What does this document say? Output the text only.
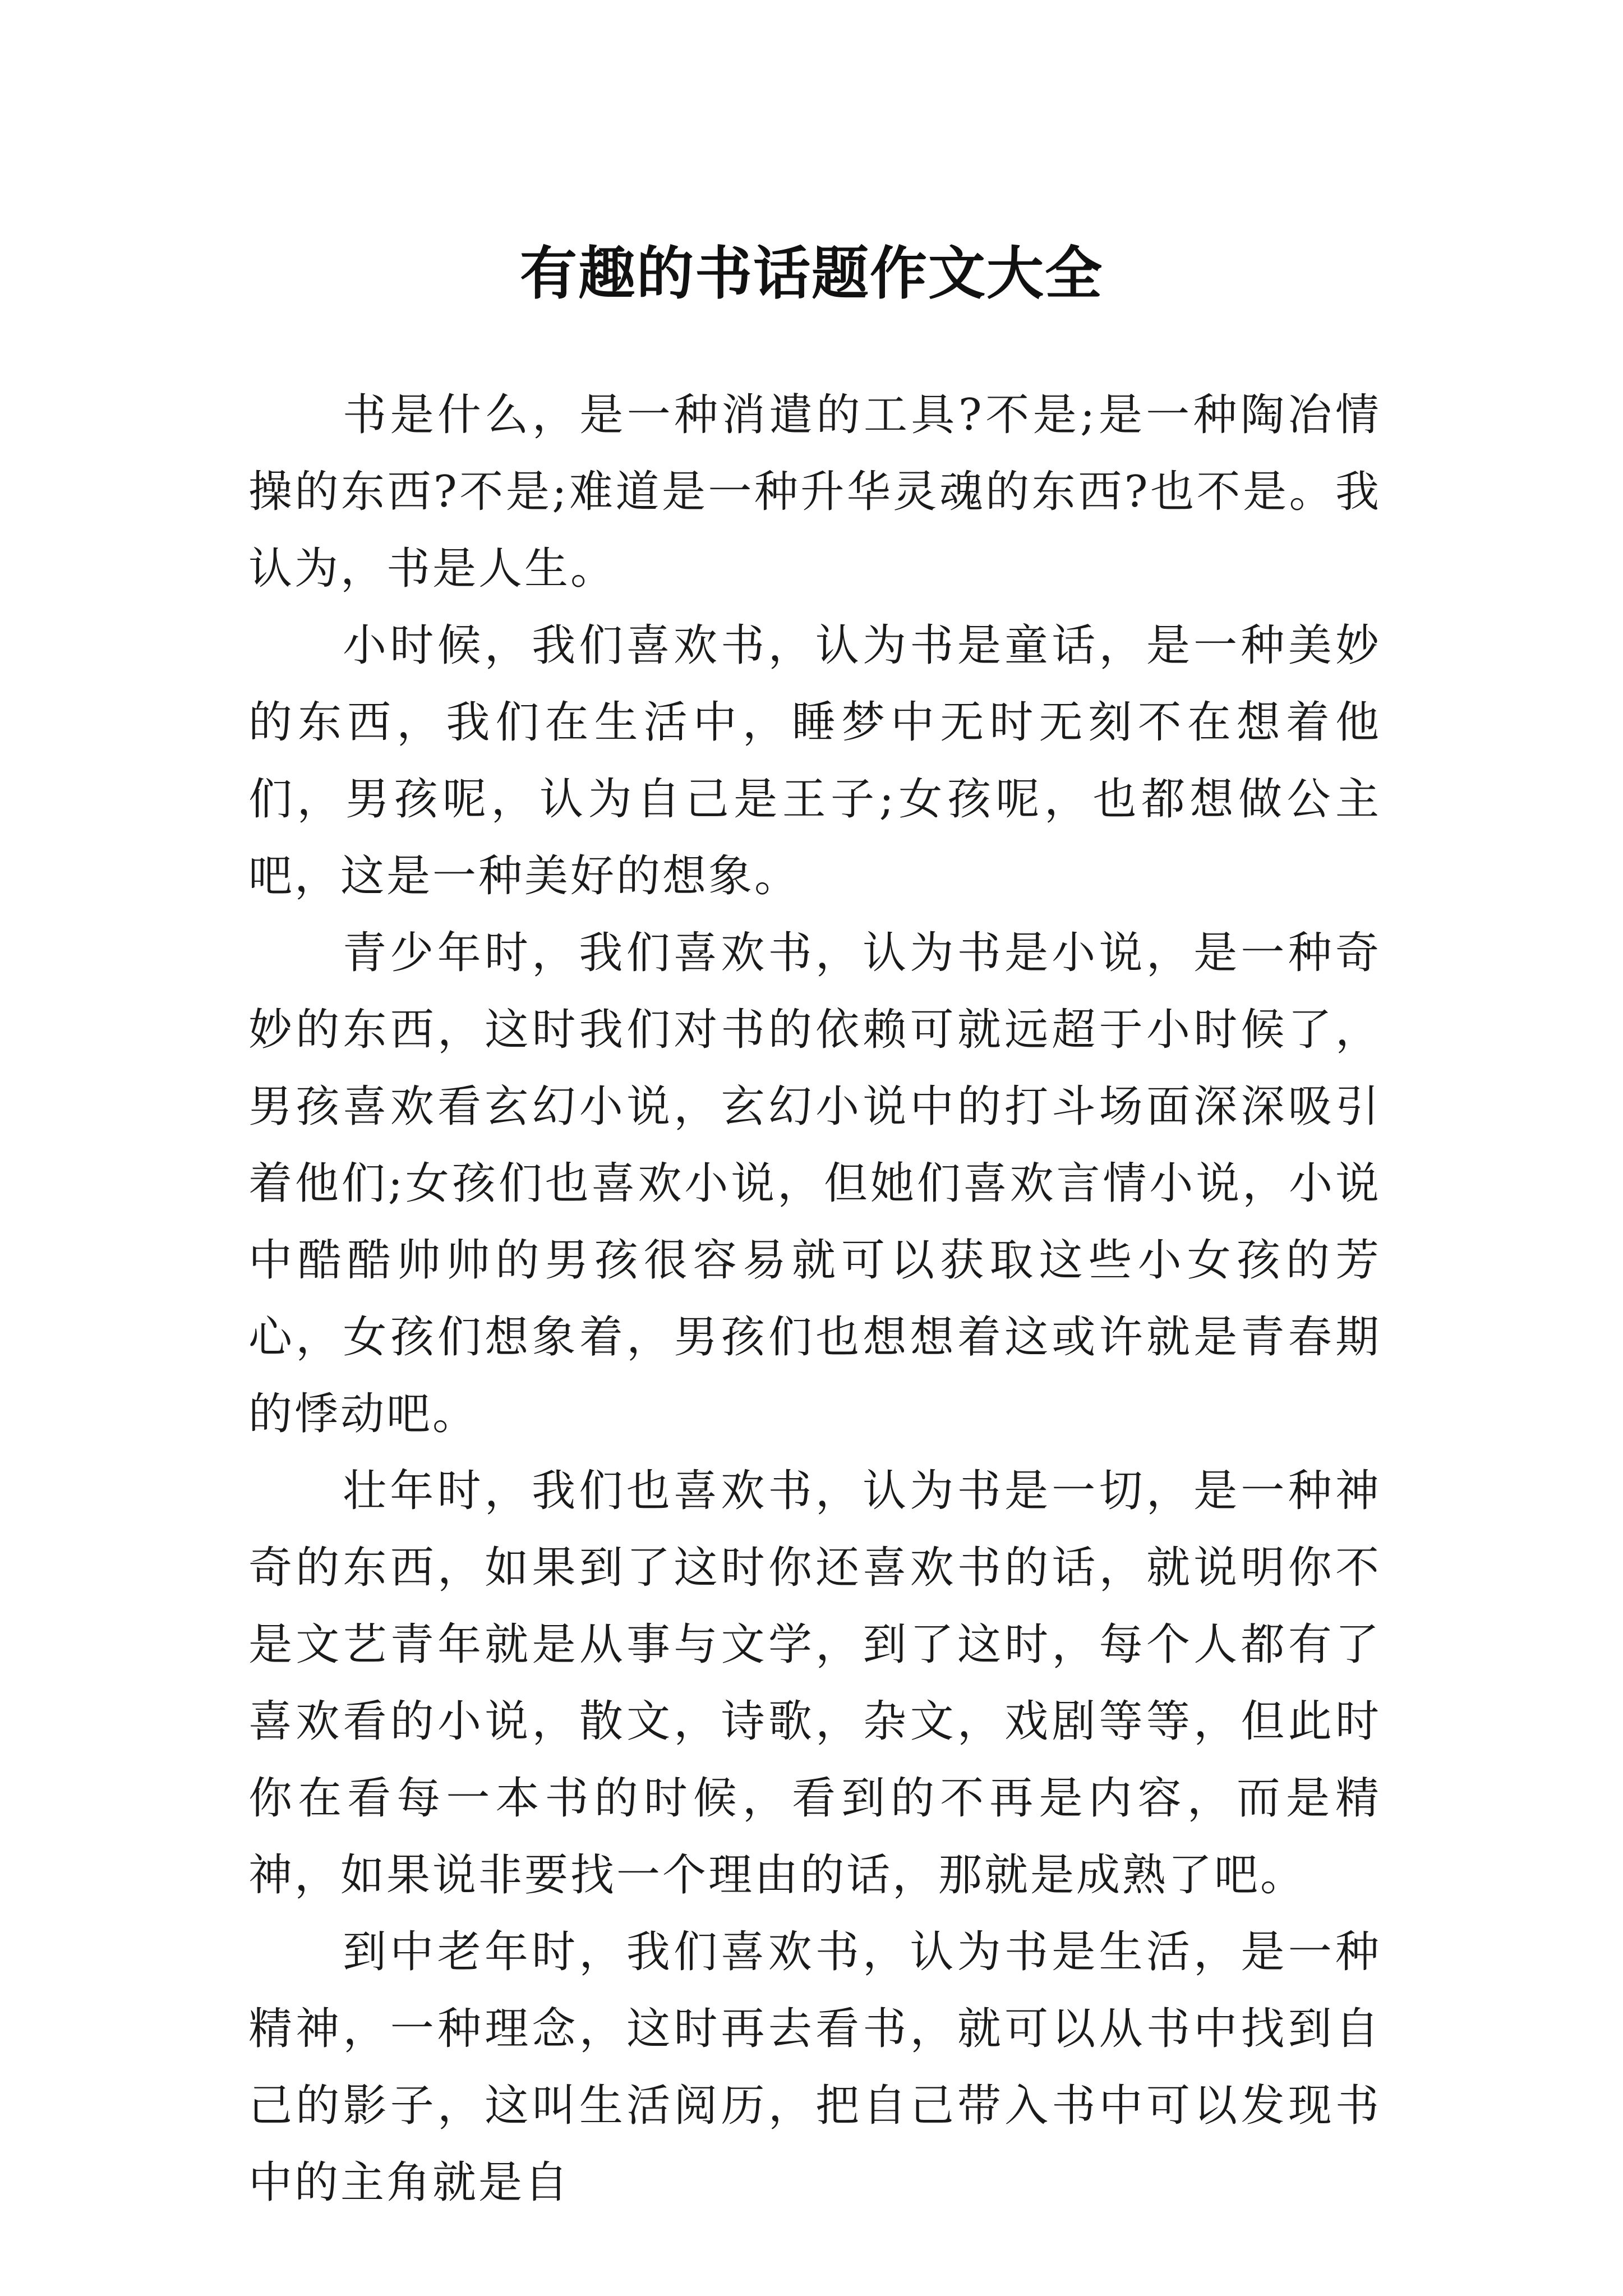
有趣的书话题作文大全

书是什么，是一种消遣的工具?不是;是一种陶冶情操的东西?不是;难道是一种升华灵魂的东西?也不是。我认为，书是人生。

小时候，我们喜欢书，认为书是童话，是一种美妙的东西，我们在生活中，睡梦中无时无刻不在想着他们，男孩呢，认为自己是王子;女孩呢，也都想做公主吧，这是一种美好的想象。

青少年时，我们喜欢书，认为书是小说，是一种奇妙的东西，这时我们对书的依赖可就远超于小时候了，男孩喜欢看玄幻小说，玄幻小说中的打斗场面深深吸引着他们;女孩们也喜欢小说，但她们喜欢言情小说，小说中酷酷帅帅的男孩很容易就可以获取这些小女孩的芳心，女孩们想象着，男孩们也想想着这或许就是青春期的悸动吧。

壮年时，我们也喜欢书，认为书是一切，是一种神奇的东西，如果到了这时你还喜欢书的话，就说明你不是文艺青年就是从事与文学，到了这时，每个人都有了喜欢看的小说，散文，诗歌，杂文，戏剧等等，但此时你在看每一本书的时候，看到的不再是内容，而是精神，如果说非要找一个理由的话，那就是成熟了吧。

到中老年时，我们喜欢书，认为书是生活，是一种精神，一种理念，这时再去看书，就可以从书中找到自己的影子，这叫生活阅历，把自己带入书中可以发现书中的主角就是自
